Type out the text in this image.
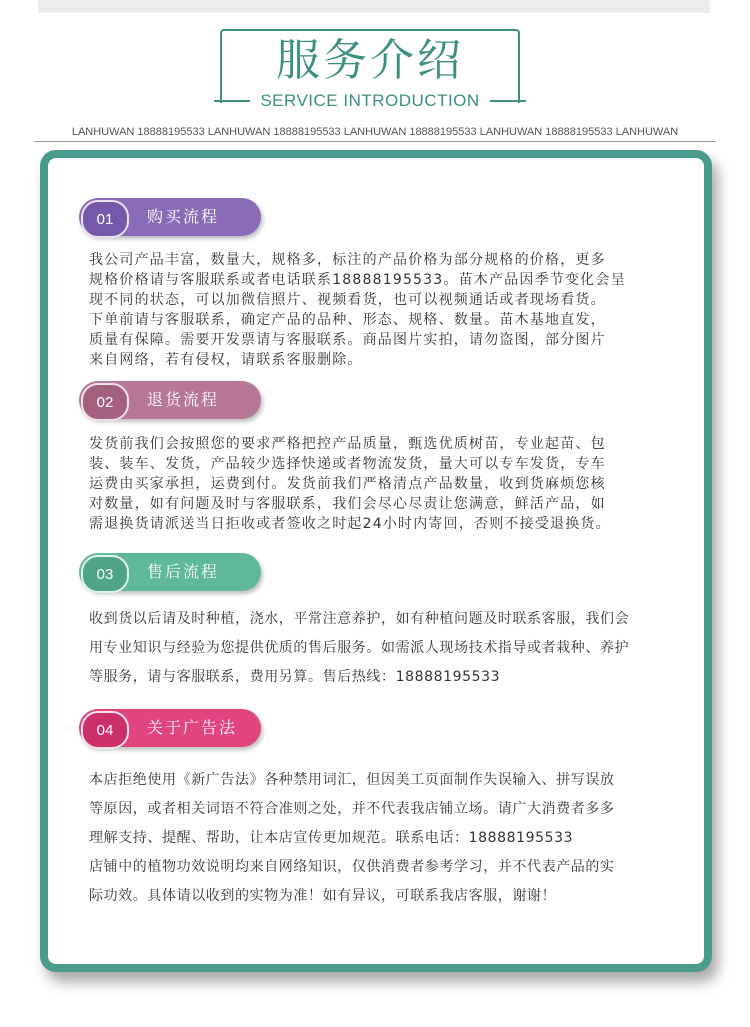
服务介绍
SERVICE INTRODUCTION
LANHUWAN 18888195533 LANHUWAN 18888195533 LANHUWAN 18888195533 LANHUWAN 18888195533 LANHUWAN
01	购买流程

我公司产品丰富，数量大，规格多，标注的产品价格为部分规格的价格，更多

规格价格请与客服联系或者电话联系18888195533。苗木产品因季节变化会呈

现不同的状态，可以加微信照片、视频看货，也可以视频通话或者现场看货。

下单前请与客服联系，确定产品的品种、形态、规格、数量。苗木基地直发，

质量有保障。需要开发票请与客服联系。商品图片实拍，请勿盗图，部分图片

来自网络，若有侵权，请联系客服删除。

02	退货流程

发货前我们会按照您的要求严格把控产品质量，甄选优质树苗，专业起苗、包

装、装车、发货，产品较少选择快递或者物流发货，量大可以专车发货，专车

运费由买家承担，运费到付。发货前我们严格清点产品数量，收到货麻烦您核

对数量，如有问题及时与客服联系，我们会尽心尽责让您满意，鲜活产品，如

需退换货请派送当日拒收或者签收之时起24小时内寄回，否则不接受退换货。

03	售后流程

收到货以后请及时种植，浇水，平常注意养护，如有种植问题及时联系客服，我们会

用专业知识与经验为您提供优质的售后服务。如需派人现场技术指导或者栽种、养护

等服务，请与客服联系，费用另算。售后热线：18888195533

04	关于广告法

本店拒绝使用《新广告法》各种禁用词汇，但因美工页面制作失误输入、拼写误放

等原因，或者相关词语不符合准则之处，并不代表我店铺立场。请广大消费者多多

理解支持、提醒、帮助，让本店宣传更加规范。联系电话：18888195533

店铺中的植物功效说明均来自网络知识，仅供消费者参考学习，并不代表产品的实

际功效。具体请以收到的实物为准！如有异议，可联系我店客服，谢谢！
